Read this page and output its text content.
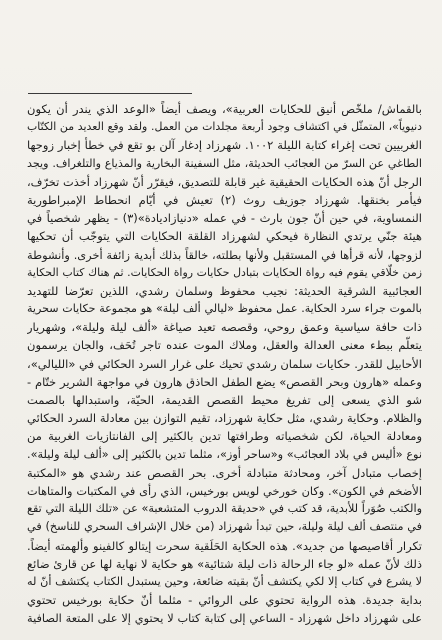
بالقماش/ ملخّص أنيق للحكايات العربية»، ويصف أيضاً «الوعد الذي يندر أن يكون
دنيوياً»، المتمثّل في اكتشاف وجود أربعة مجلدات من العمل. ولقد وقع العديد من الكتّاب
الغربيين تحت إغراء كتابة الليلة ١٠٠٢. شهرزاد إدغار آلن بو تقع في خطأ إخبار زوجها
الطاغي عن السرّ من العجائب الحديثة، مثل السفينة البخارية والمذياع والتلغراف. ويجد
الرجل أنّ هذه الحكايات الحقيقية غير قابلة للتصديق، فيقرّر أنّ شهرزاد أخذت تخرّف،
فيأمر بخنقها. شهرزاد جوزيف روث (٢) تعيش في أيّام انحطاط الإمبراطورية
النمساوية، في حين أنّ جون بارث - في عمله «دنيازاديادة»(٣) - يظهر شخصياً في
هيئة جنّي يرتدي النظارة فيحكي لشهرزاد القلقة الحكايات التي يتوجّب أن تحكيها
لزوجها، لأنه قرأها في المستقبل ولأنها بطلته، خالقاً بذلك أبدية زائفة أخرى. وأنشوطة
زمن خلّاقي يقوم فيه رواة الحكايات بتبادل حكايات رواة الحكايات. ثم هناك كتاب الحكاية
العجائبية الشرقية الحديثة: نجيب محفوظ وسلمان رشدي، اللذين تعرّضا للتهديد
بالموت جراء سرد الحكاية. عمل محفوظ «ليالي ألف ليلة» هو مجموعة حكايات سحرية
ذات حافة سياسية وعمق روحي، وقصصه تعيد صياغة «ألف ليلة وليلة»، وشهريار
يتعلّم ببطء معنى العدالة والعقل، وملاك الموت عنده تاجر تُحَف، والجان يرسمون
الأحابيل للقدر. حكايات سلمان رشدي تحيك على غرار السرد الحكائي في «الليالي»،
وعمله «هارون وبحر القصص» يضع الطفل الحاذق هارون في مواجهة الشرير ختّام -
شو الذي يسعى إلى تفريغ محيط القصص القديمة، الحيّة، واستبدالها بالصمت
والظلام. وحكاية رشدي، مثل حكاية شهرزاد، تقيم التوازن بين معادلة السرد الحكائي
ومعادلة الحياة، لكن شخصياته وطرافتها تدين بالكثير إلى الفانتازيات الغربية من
نوع «أليس في بلاد العجائب» و«ساحر أوز»، مثلما تدين بالكثير إلى «ألف ليلة وليلة».
إخصاب متبادل آخر، ومحادثة متبادلة أخرى. بحر القصص عند رشدي هو «المكتبة
الأضخم في الكون». وكان خورخي لويس بورخيس، الذي رأى في المكتبات والمتاهات
والكتب صُوَراً للأبدية، قد كتب في «حديقة الدروب المتشعبة» عن «تلك الليلة التي تقع
في منتصف ألف ليلة وليلة، حين تبدأ شهرزاد (من خلال الإشراف السحري للناسخ) في
تكرار أقاصيصها من جديد». هذه الحكاية الحَلَقية سحرت إيتالو كالفينو وألهمته أيضاً.
ذلك لأنّ عمله «لو جاء الرحالة ذات ليلة شتائية» هو حكاية لا نهاية لها عن قارئ ضائع
لا يشرع في كتاب إلا لكي يكتشف أنّ بقيته ضائعة، وحين يستبدل الكتاب يكتشف أنّ له
بداية جديدة. هذه الرواية تحتوي على الروائي - مثلما أنّ حكاية بورخيس تحتوي
على شهرزاد داخل شهرزاد - الساعي إلى كتابة كتاب لا يحتوي إلا على المتعة الصافية
